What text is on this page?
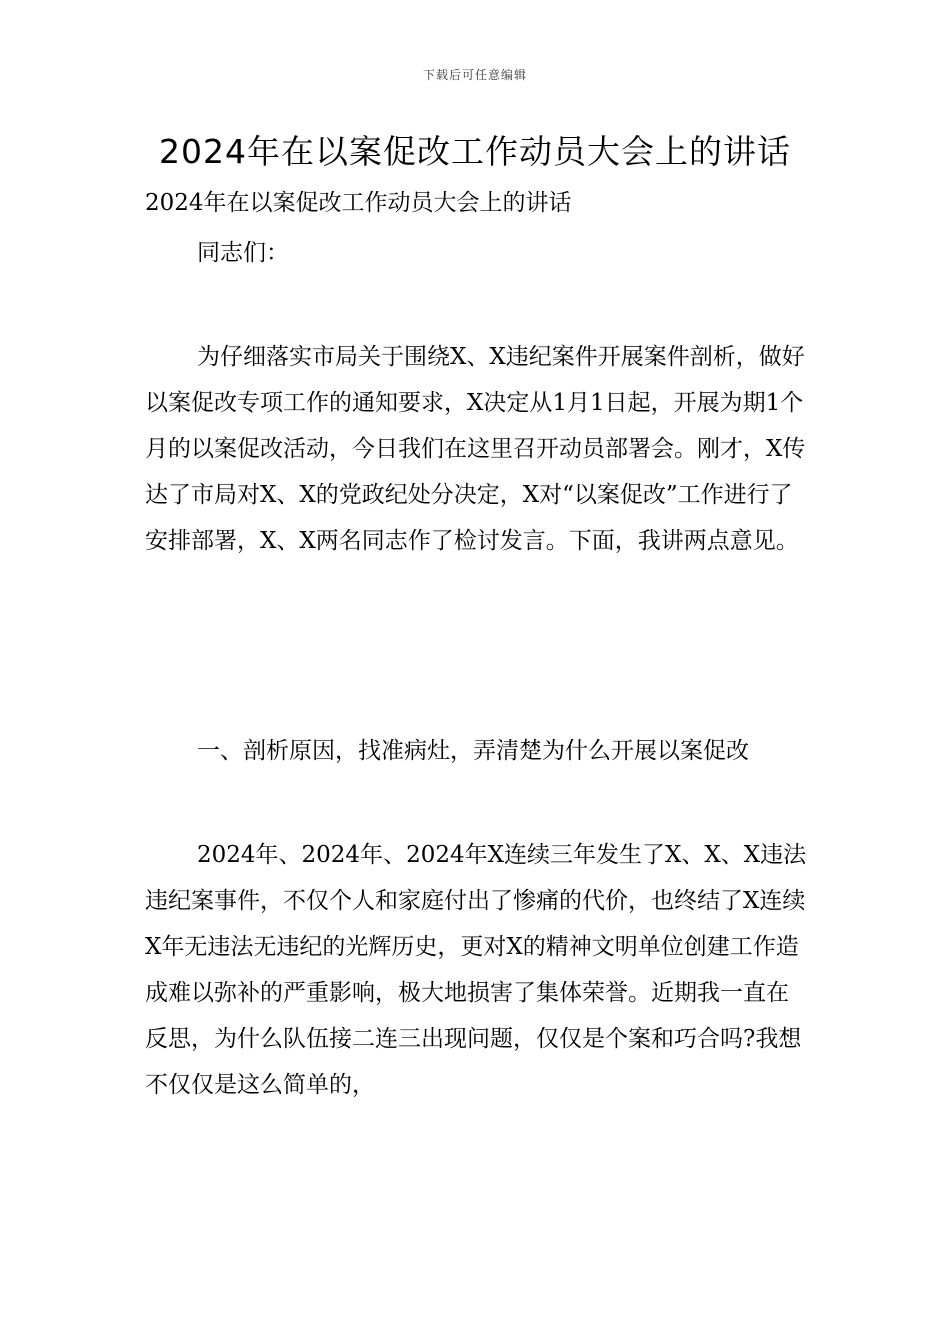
下载后可任意编辑
2024年在以案促改工作动员大会上的讲话

2024年在以案促改工作动员大会上的讲话

同志们：

为仔细落实市局关于围绕X、X违纪案件开展案件剖析，做好以案促改专项工作的通知要求，X决定从1月1日起，开展为期1个月的以案促改活动，今日我们在这里召开动员部署会。刚才，X传达了市局对X、X的党政纪处分决定，X对“以案促改”工作进行了安排部署，X、X两名同志作了检讨发言。下面，我讲两点意见。

一、剖析原因，找准病灶，弄清楚为什么开展以案促改

2024年、2024年、2024年X连续三年发生了X、X、X违法违纪案事件，不仅个人和家庭付出了惨痛的代价，也终结了X连续X年无违法无违纪的光辉历史，更对X的精神文明单位创建工作造成难以弥补的严重影响，极大地损害了集体荣誉。近期我一直在反思，为什么队伍接二连三出现问题，仅仅是个案和巧合吗?我想不仅仅是这么简单的，
